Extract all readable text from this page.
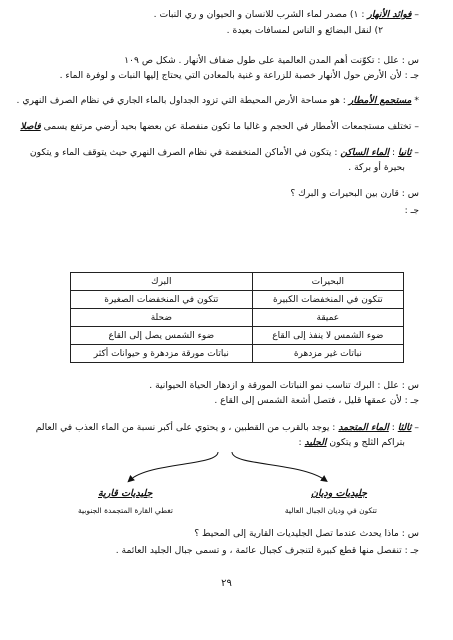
– فوائد الأنهار : ١) مصدر لماء الشرب للانسان و الحيوان و ري النبات .
٢) لنقل البضائع و الناس لمسافات بعيدة .
س : علل : تكوّنت أهم المدن العالمية على طول ضفاف الأنهار . شكل ص ١٠٩
جـ : لأن الأرض حول الأنهار خصبة للزراعة و غنية بالمعادن التي يحتاج إليها النبات و لوفرة الماء .
* مستجمع الأمطار : هو مساحة الأرض المحيطة التي تزود الجداول بالماء الجاري في نظام الصرف النهري .
– تختلف مستجمعات الأمطار في الحجم و غالبا ما تكون منفصلة عن بعضها بحيد أرضي مرتفع يسمى فاصلا
– ثانيا : الماء الساكن : يتكون في الأماكن المنخفضة في نظام الصرف النهري حيث يتوقف الماء و يتكون
بحيرة أو بركة .
س : قارن بين البحيرات و البرك ؟
جـ :
البحيرات	البرك
تتكون في المنخفضات الكبيرة	تتكون في المنخفضات الصغيرة
عميقة	ضحلة
ضوء الشمس لا ينفذ إلى القاع	ضوء الشمس يصل إلى القاع
نباتات غير مزدهرة	نباتات مورقة مزدهرة و حيوانات أكثر
س : علل : البرك تناسب نمو النباتات المورقة و ازدهار الحياة الحيوانية .
جـ : لأن عمقها قليل ، فتصل أشعة الشمس إلى القاع .
– ثالثا : الماء المتجمد : يوجد بالقرب من القطبين ، و يحتوي على أكبر نسبة من الماء العذب في العالم
بتراكم الثلج و يتكون الجليد :
جليديات وديان
تتكون في وديان الجبال العالية
جليديات قارية
تغطي القارة المتجمدة الجنوبية
س : ماذا يحدث عندما تصل الجليديات القارية إلى المحيط ؟
جـ : تنفصل منها قطع كبيرة لتنجرف كجبال عائمة ، و تسمى جبال الجليد العائمة .
٢٩
